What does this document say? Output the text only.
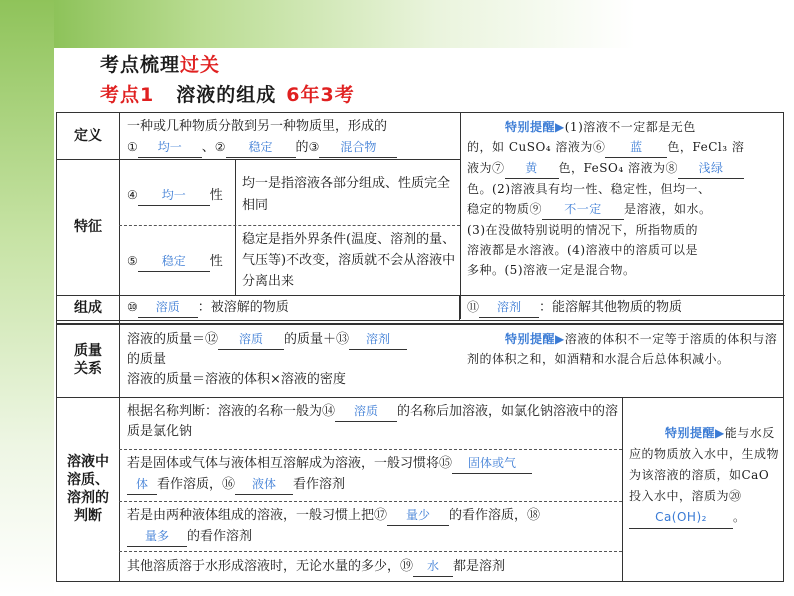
考点梳理过关
考点1 溶液的组成 6年3考
定义
一种或几种物质分散到另一种物质里，形成的
① 均一 、② 稳定 的③ 混合物
特别提醒▶(1)溶液不一定都是无色
的，如 CuSO₄ 溶液为⑥ 蓝 色，FeCl₃ 溶
液为⑦ 黄 色，FeSO₄ 溶液为⑧ 浅绿
色。(2)溶液具有均一性、稳定性，但均一、
稳定的物质⑨ 不一定 是溶液，如水。
(3)在没做特别说明的情况下，所指物质的
溶液都是水溶液。(4)溶液中的溶质可以是
多种。(5)溶液一定是混合物。
特征
④ 均一 性
均一是指溶液各部分组成、性质完全相同
⑤ 稳定 性
稳定是指外界条件(温度、溶剂的量、气压等)不改变，溶质就不会从溶液中分离出来
组成	⑩ 溶质 ：被溶解的物质	⑪ 溶剂 ：能溶解其他物质的物质
质量关系
溶液的质量＝⑫ 溶质 的质量＋⑬ 溶剂
的质量
溶液的质量＝溶液的体积×溶液的密度
特别提醒▶溶液的体积不一定等于溶质的体积与溶剂的体积之和，如酒精和水混合后总体积减小。
溶液中溶质、溶剂的判断
根据名称判断：溶液的名称一般为⑭ 溶质 的名称后加溶液，如氯化钠溶液中的溶质是氯化钠
若是固体或气体与液体相互溶解成为溶液，一般习惯将⑮ 固体或气
体 看作溶质，⑯ 液体 看作溶剂
若是由两种液体组成的溶液，一般习惯上把⑰ 量少 的看作溶质，⑱
量多 的看作溶剂
其他溶质溶于水形成溶液时，无论水量的多少，⑲ 水 都是溶剂
特别提醒▶能与水反应的物质放入水中，生成物为该溶液的溶质，如CaO投入水中，溶质为⑳
Ca(OH)₂ 。
